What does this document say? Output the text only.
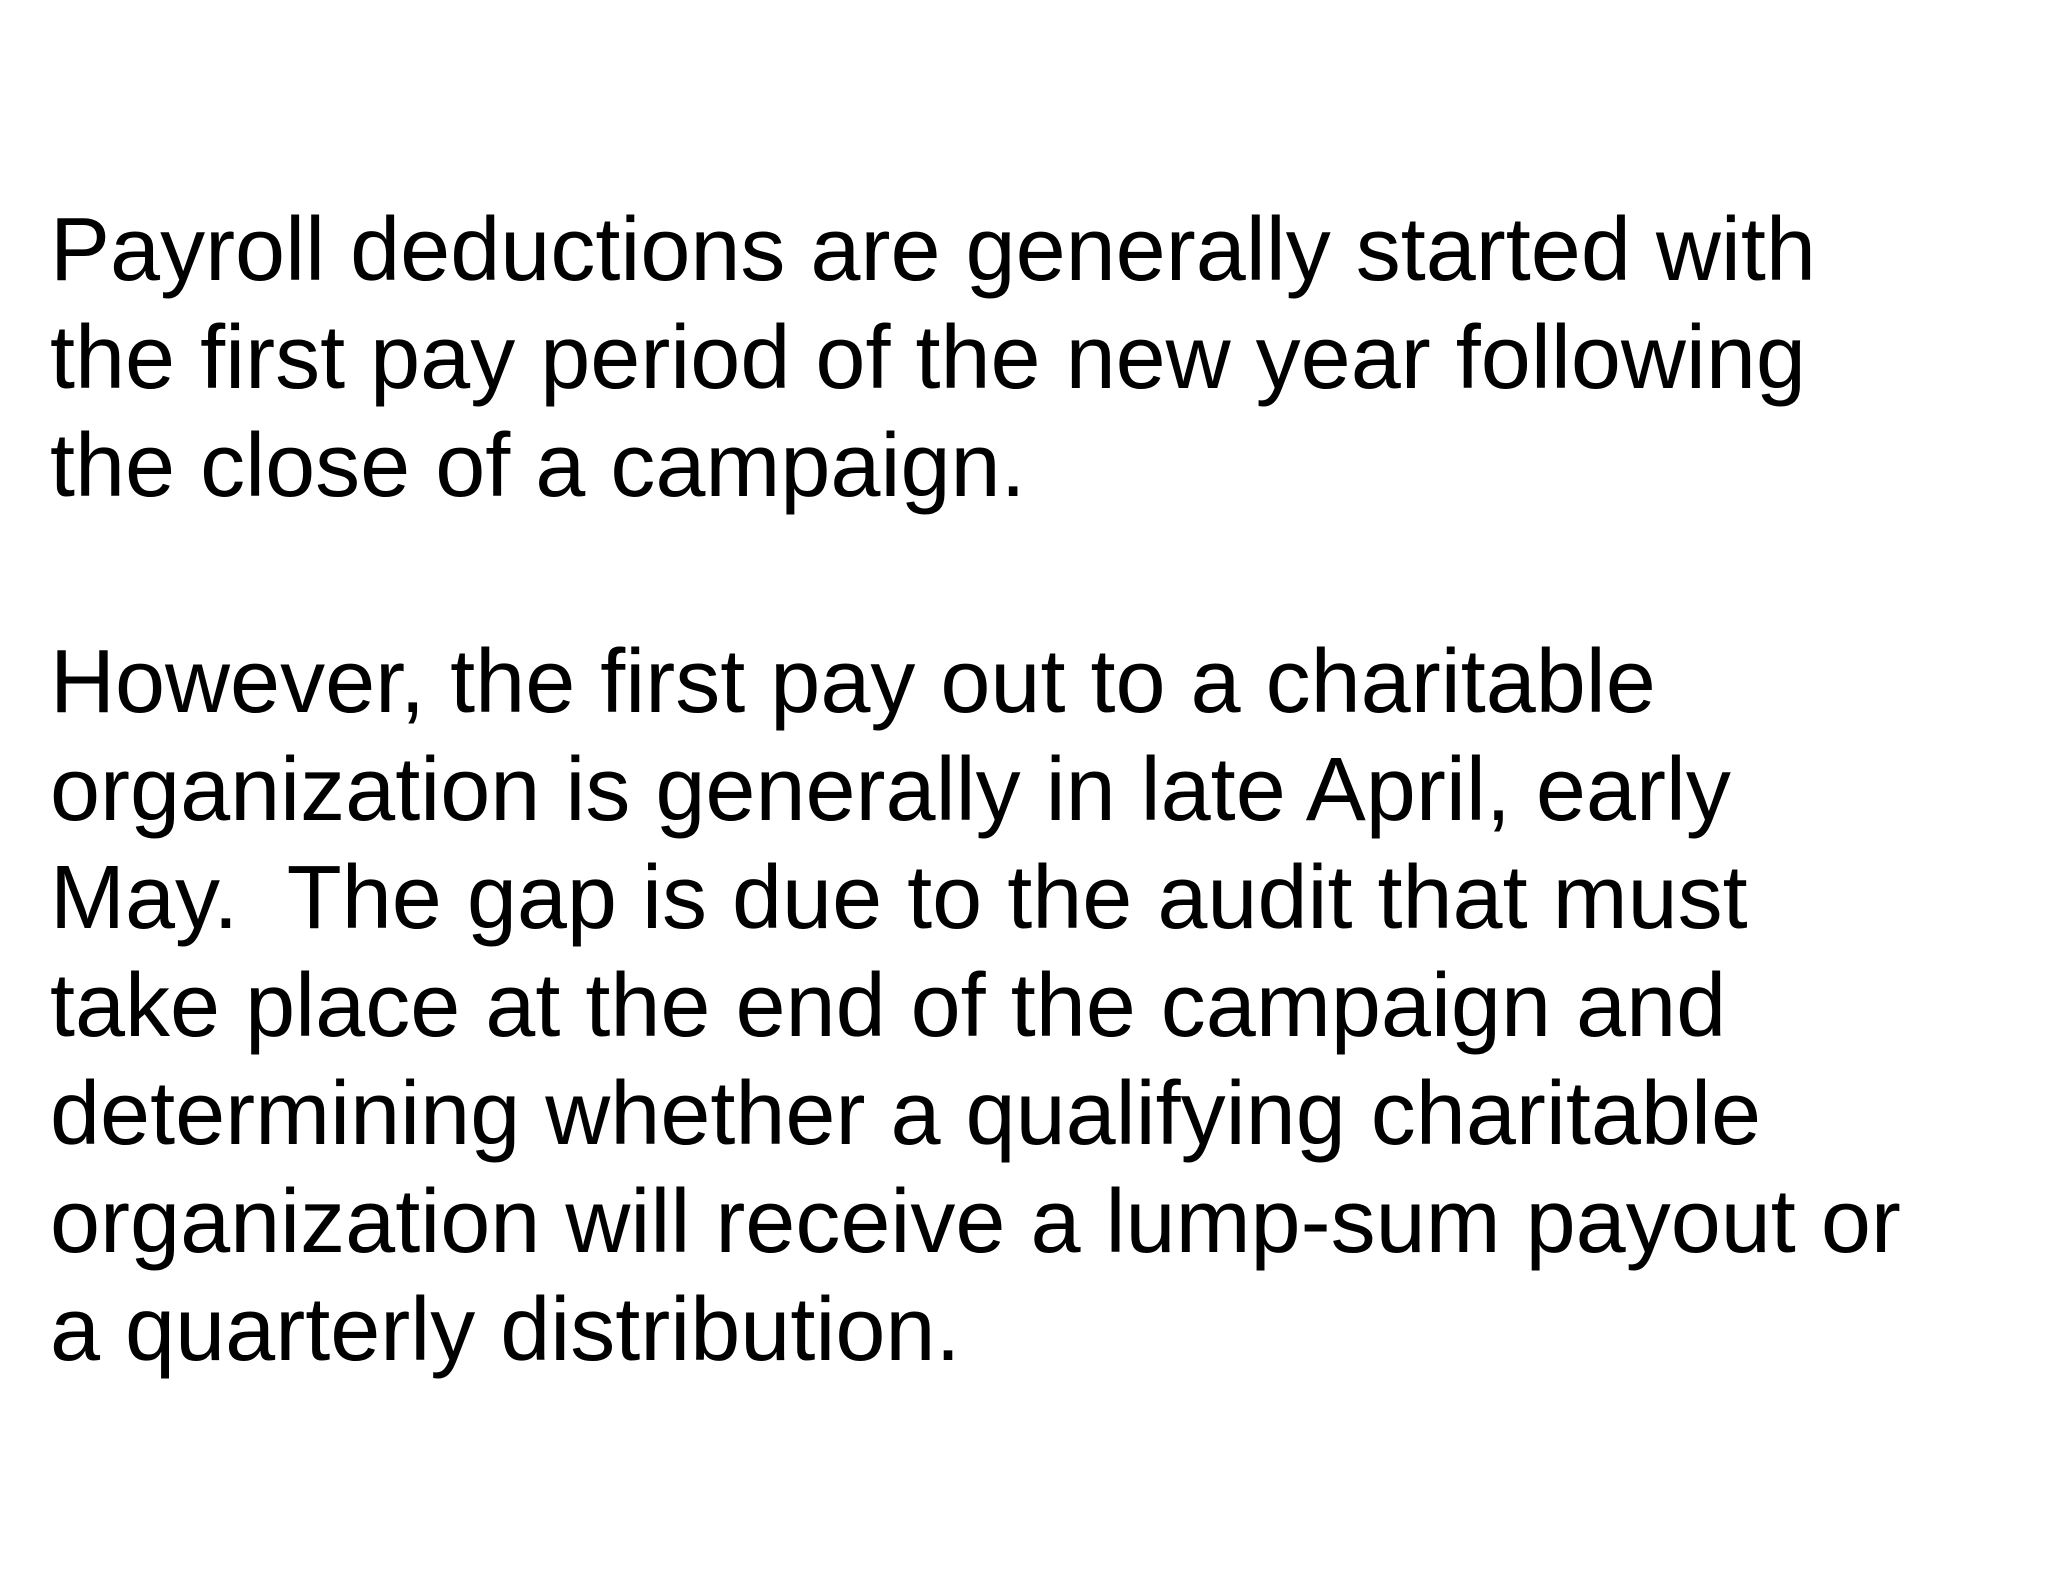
Payroll deductions are generally started with
the first pay period of the new year following
the close of a campaign.
However, the first pay out to a charitable
organization is generally in late April, early
May.  The gap is due to the audit that must
take place at the end of the campaign and
determining whether a qualifying charitable
organization will receive a lump-sum payout or
a quarterly distribution.
